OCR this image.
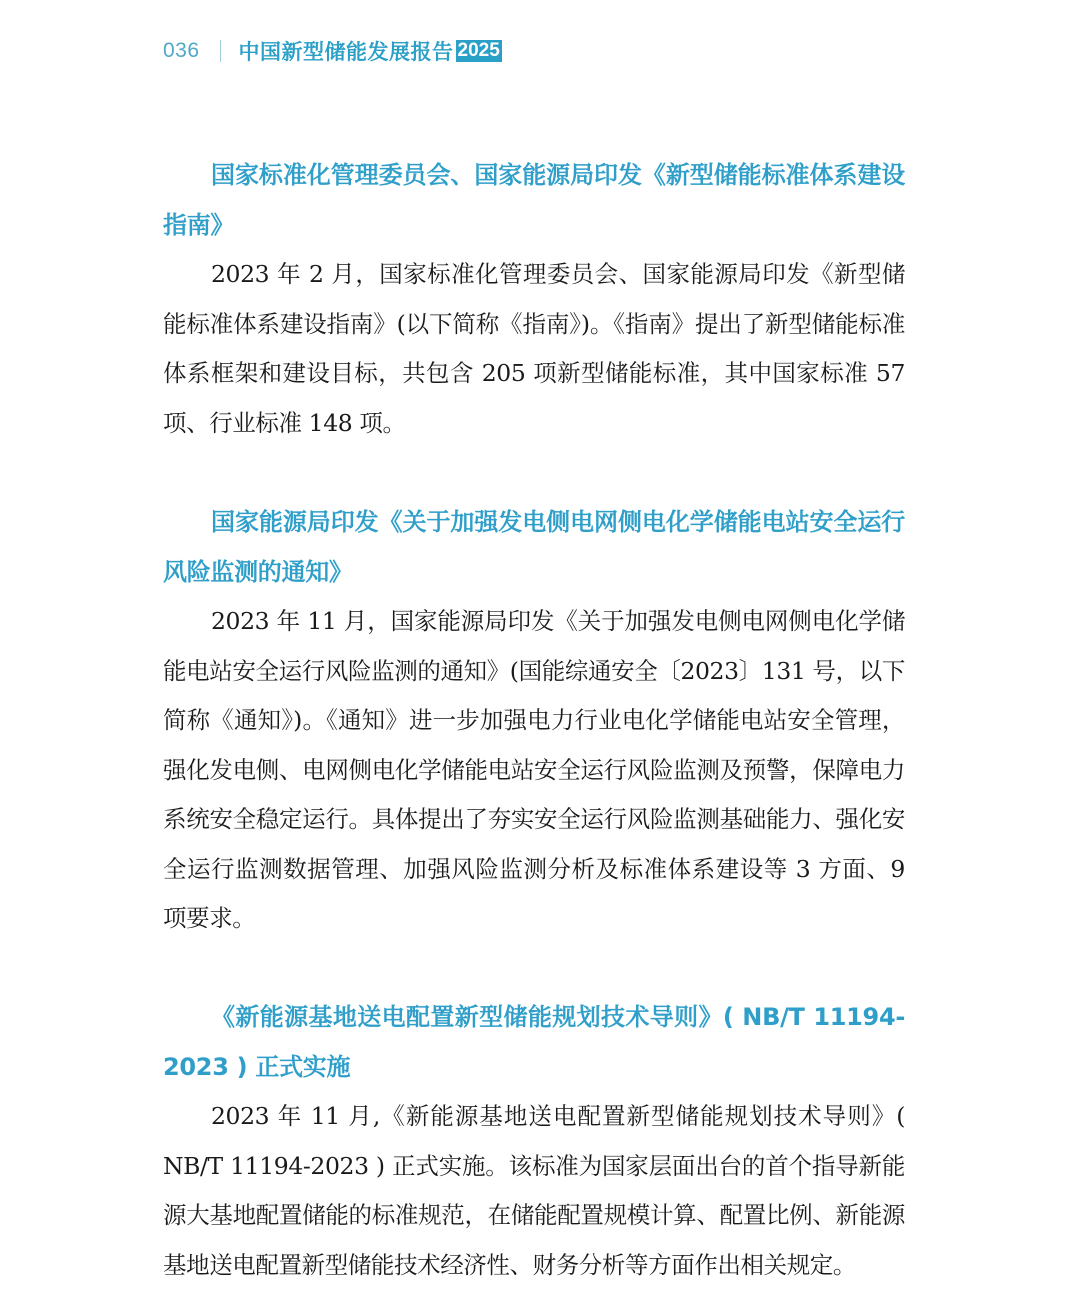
036 中国新型储能发展报告 2025
国家标准化管理委员会、国家能源局印发《新型储能标准体系建设指南》

2023 年 2 月，国家标准化管理委员会、国家能源局印发《新型储能标准体系建设指南》(以下简称《指南》)。《指南》提出了新型储能标准体系框架和建设目标，共包含 205 项新型储能标准，其中国家标准 57 项、行业标准 148 项。

国家能源局印发《关于加强发电侧电网侧电化学储能电站安全运行风险监测的通知》

2023 年 11 月，国家能源局印发《关于加强发电侧电网侧电化学储能电站安全运行风险监测的通知》(国能综通安全〔2023〕131 号，以下简称《通知》)。《通知》进一步加强电力行业电化学储能电站安全管理，强化发电侧、电网侧电化学储能电站安全运行风险监测及预警，保障电力系统安全稳定运行。具体提出了夯实安全运行风险监测基础能力、强化安全运行监测数据管理、加强风险监测分析及标准体系建设等 3 方面、9 项要求。

《新能源基地送电配置新型储能规划技术导则》( NB/T 11194-2023 ) 正式实施

2023 年 11 月,《新能源基地送电配置新型储能规划技术导则》( NB/T 11194-2023 ) 正式实施。该标准为国家层面出台的首个指导新能源大基地配置储能的标准规范，在储能配置规模计算、配置比例、新能源基地送电配置新型储能技术经济性、财务分析等方面作出相关规定。
